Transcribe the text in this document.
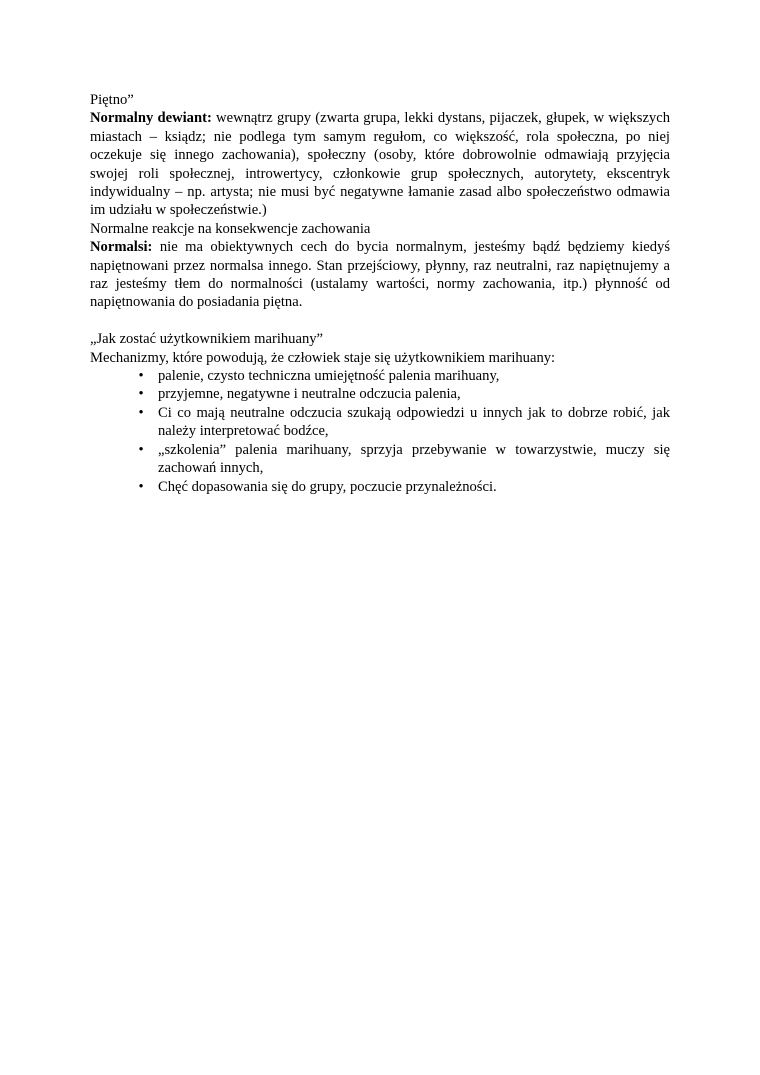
Piętno”

Normalny dewiant: wewnątrz grupy (zwarta grupa, lekki dystans, pijaczek, głupek, w większych miastach – ksiądz; nie podlega tym samym regułom, co większość, rola społeczna, po niej oczekuje się innego zachowania), społeczny (osoby, które dobrowolnie odmawiają przyjęcia swojej roli społecznej, introwertycy, członkowie grup społecznych, autorytety, ekscentryk indywidualny – np. artysta; nie musi być negatywne łamanie zasad albo społeczeństwo odmawia im udziału w społeczeństwie.)

Normalne reakcje na konsekwencje zachowania

Normalsi: nie ma obiektywnych cech do bycia normalnym, jesteśmy bądź będziemy kiedyś napiętnowani przez normalsa innego. Stan przejściowy, płynny, raz neutralni, raz napiętnujemy a raz jesteśmy tłem do normalności (ustalamy wartości, normy zachowania, itp.) płynność od napiętnowania do posiadania piętna.

„Jak zostać użytkownikiem marihuany”

Mechanizmy, które powodują, że człowiek staje się użytkownikiem marihuany:

• palenie, czysto techniczna umiejętność palenia marihuany,
• przyjemne, negatywne i neutralne odczucia palenia,
• Ci co mają neutralne odczucia szukają odpowiedzi u innych jak to dobrze robić, jak należy interpretować bodźce,
• „szkolenia” palenia marihuany, sprzyja przebywanie w towarzystwie, muczy się zachowań innych,
• Chęć dopasowania się do grupy, poczucie przynależności.
